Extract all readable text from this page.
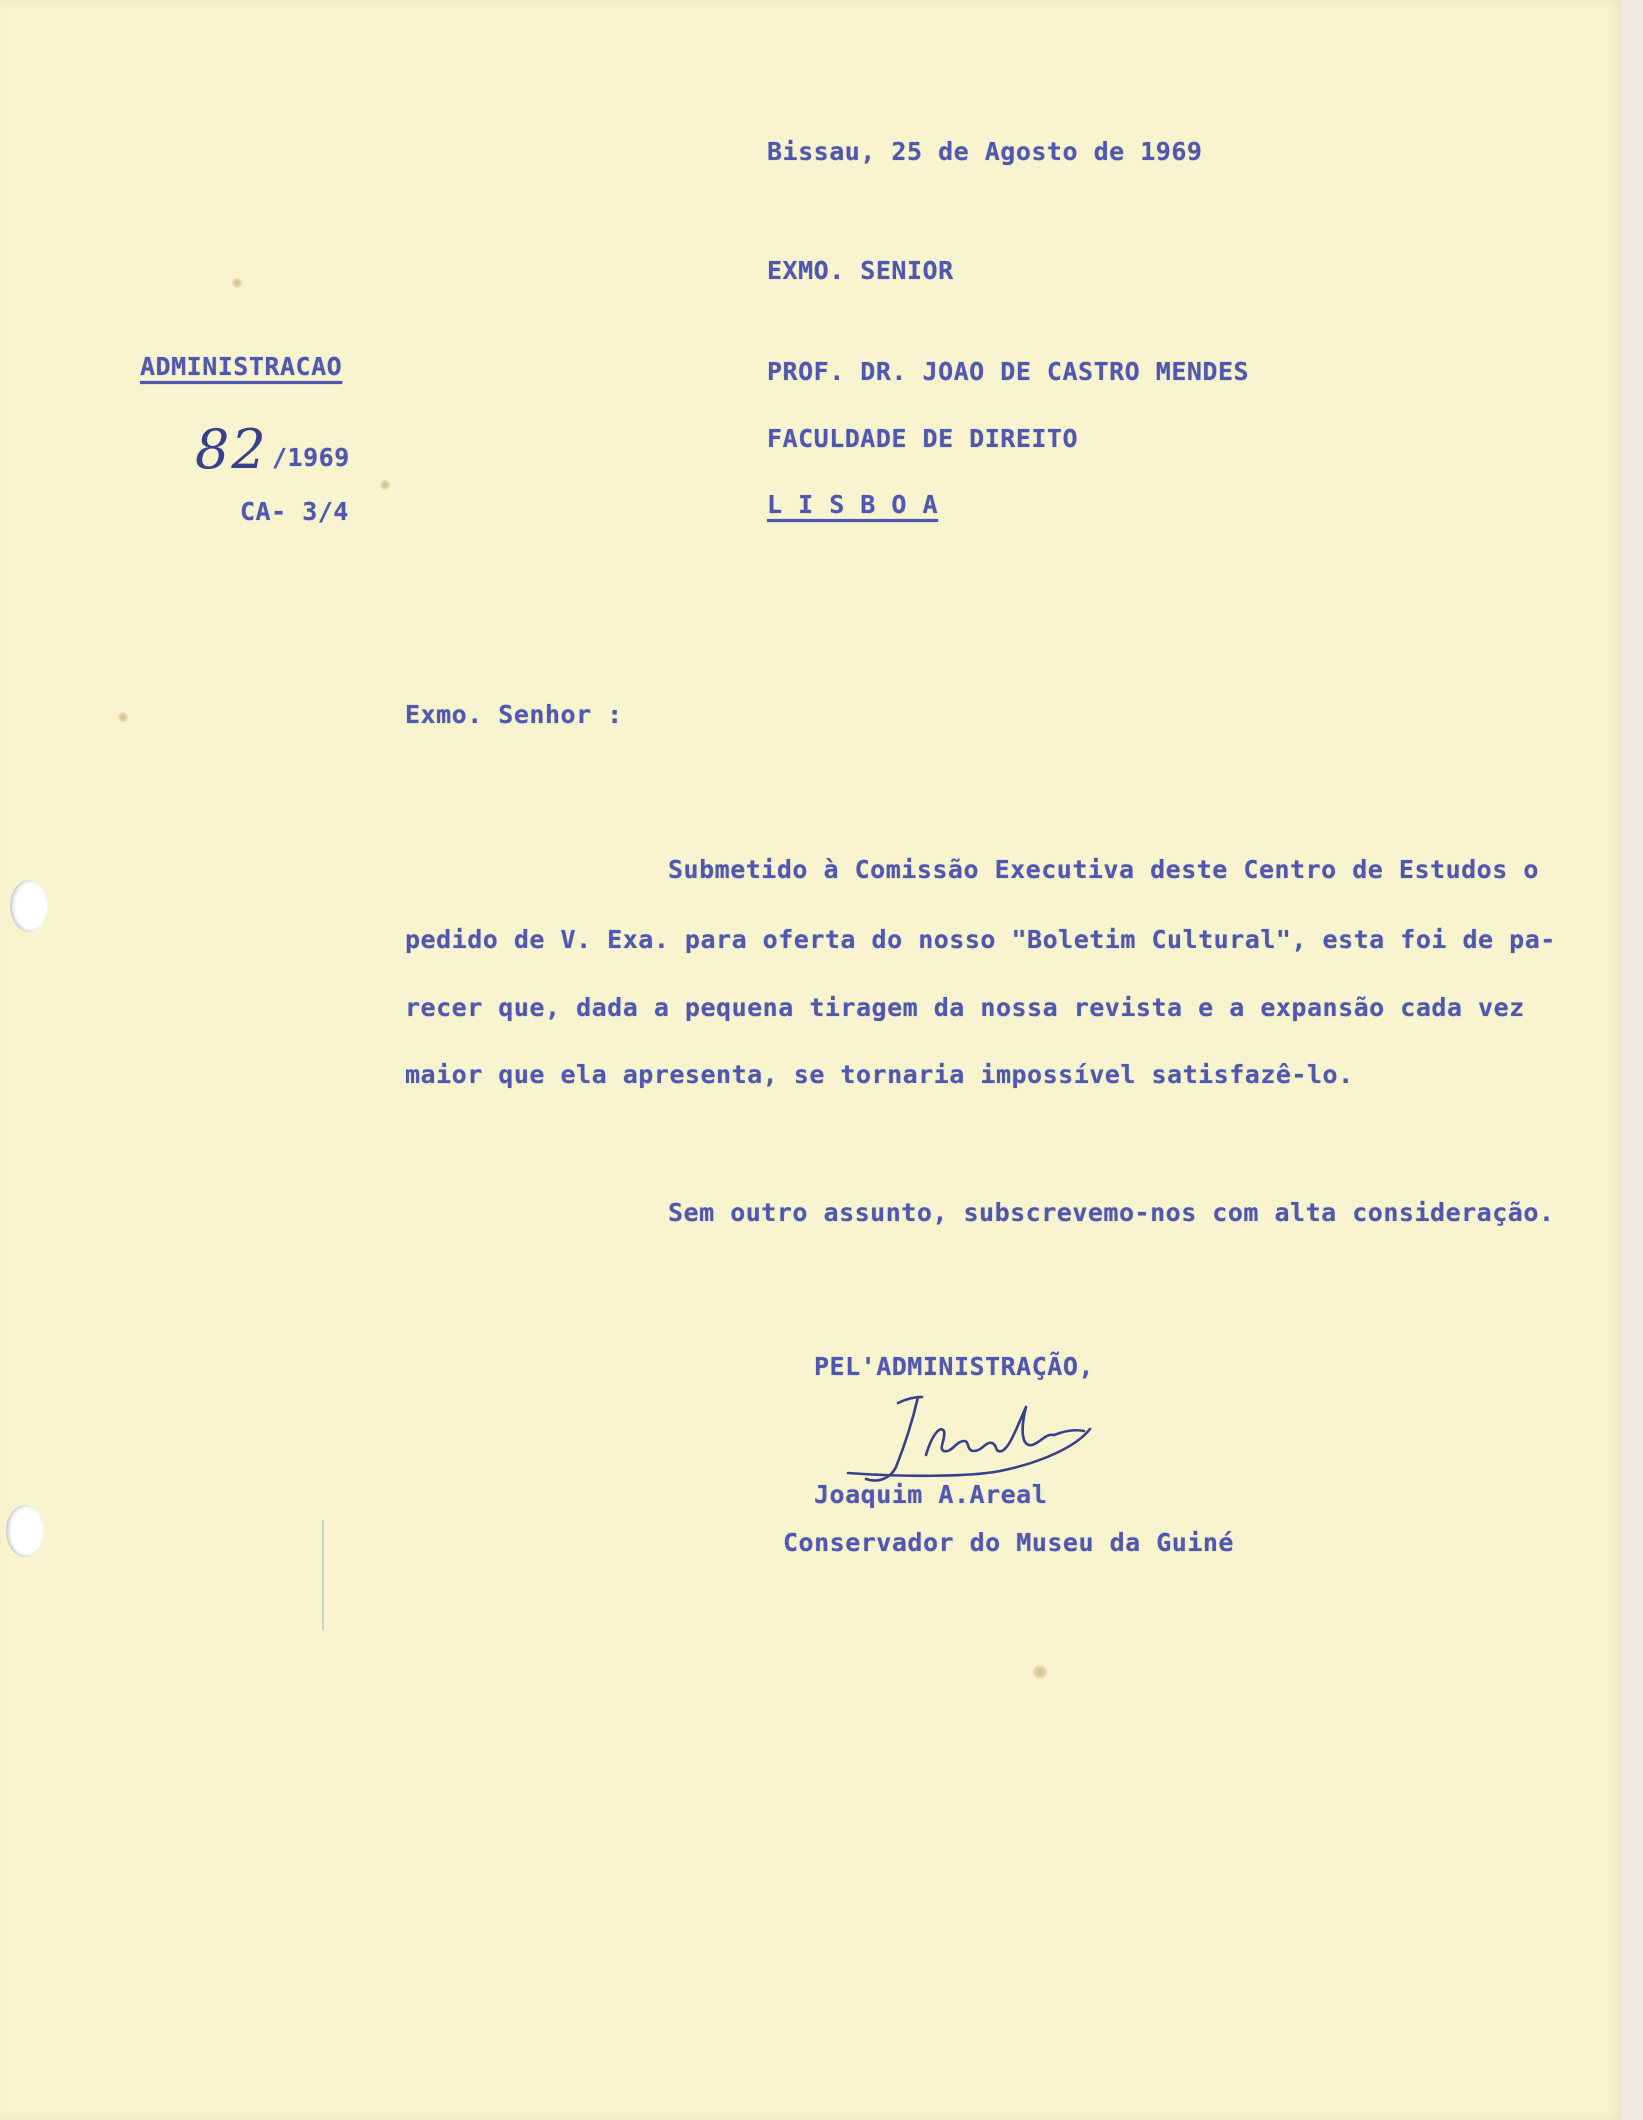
Bissau, 25 de Agosto de 1969

EXMO. SENIOR

PROF. DR. JOAO DE CASTRO MENDES

FACULDADE DE DIREITO

L I S B O A

ADMINISTRACAO

82 /1969

CA- 3/4

Exmo. Senhor :

Submetido à Comissão Executiva deste Centro de Estudos o

pedido de V. Exa. para oferta do nosso "Boletim Cultural", esta foi de pa-

recer que, dada a pequena tiragem da nossa revista e a expansão cada vez

maior que ela apresenta, se tornaria impossível satisfazê-lo.

Sem outro assunto, subscrevemo-nos com alta consideração.

PEL'ADMINISTRAÇÃO,

Joaquim A.Areal

Conservador do Museu da Guiné
